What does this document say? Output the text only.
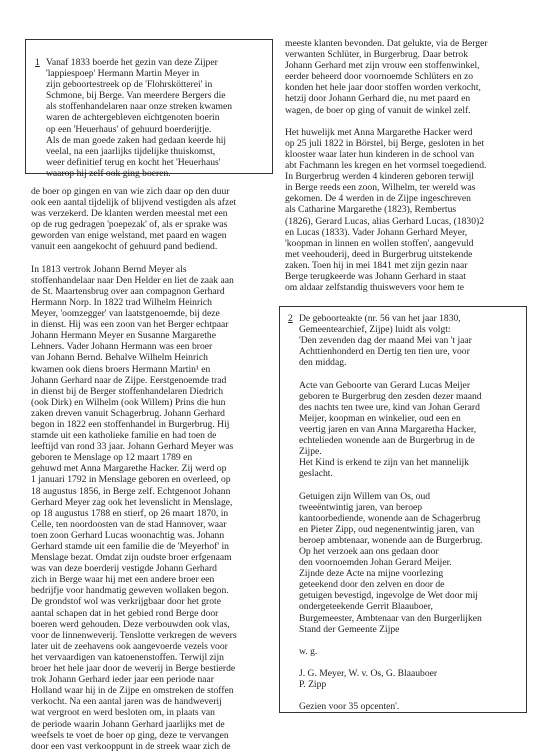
1 Vanaf 1833 boerde het gezin van deze Zijper
'lappiespoep' Hermann Martin Meyer in
zijn geboortestreek op de 'Flohrskötterei' in
Schmone, bij Berge. Van meerdere Bergers die
als stoffenhandelaren naar onze streken kwamen
waren de achtergebleven eïchtgenoten boerin
op een 'Heuerhaus' of gehuurd boerderijtje.
Als de man goede zaken had gedaan keerde hij
veelal, na een jaarlijks tijdelijke thuiskomst,
weer definitief terug en kocht het 'Heuerhaus'
waarop hij zelf ook ging boeren.
de boer op gingen en van wie zich daar op den duur
ook een aantal tijdelijk of blijvend vestigden als afzet
was verzekerd. De klanten werden meestal met een
op de rug gedragen 'poepezak' of, als er sprake was
geworden van enige welstand, met paard en wagen
vanuit een aangekocht of gehuurd pand bediend.
In 1813 vertrok Johann Bernd Meyer als
stoffenhandelaar naar Den Helder en liet de zaak aan
de St. Maartensbrug over aan compagnon Gerhard
Hermann Norp. In 1822 trad Wilhelm Heinrich
Meyer, 'oomzegger' van laatstgenoemde, bij deze
in dienst. Hij was een zoon van het Berger echtpaar
Johann Hermann Meyer en Susanne Margarethe
Lehners. Vader Johann Hermann was een broer
van Johann Bernd. Behalve Wilhelm Heinrich
kwamen ook diens broers Hermann Martin¹ en
Johann Gerhard naar de Zijpe. Eerstgenoemde trad
in dienst bij de Berger stoffenhandelaren Diedrich
(ook Dirk) en Wilhelm (ook Willem) Prins die hun
zaken dreven vanuit Schagerbrug. Johann Gerhard
begon in 1822 een stoffenhandel in Burgerbrug. Hij
stamde uit een katholieke familie en had toen de
leeftijd van rond 33 jaar. Johann Gerhard Meyer was
geboren te Menslage op 12 maart 1789 en
gehuwd met Anna Margarethe Hacker. Zij werd op
1 januari 1792 in Menslage geboren en overleed, op
18 augustus 1856, in Berge zelf. Echtgenoot Johann
Gerhard Meyer zag ook het levenslicht in Menslage,
op 18 augustus 1788 en stierf, op 26 maart 1870, in
Celle, ten noordoosten van de stad Hannover, waar
toen zoon Gerhard Lucas woonachtig was. Johann
Gerhard stamde uit een familie die de 'Meyerhof' in
Menslage bezat. Omdat zijn oudste broer erfgenaam
was van deze boerderij vestigde Johann Gerhard
zich in Berge waar hij met een andere broer een
bedrijfje voor handmatig geweven wollaken begon.
De grondstof wol was verkrijgbaar door het grote
aantal schapen dat in het gebied rond Berge door
boeren werd gehouden. Deze verbouwden ook vlas,
voor de linnenweverij. Tenslotte verkregen de wevers
later uit de zeehavens ook aangevoerde vezels voor
het vervaardigen van katoenenstoffen. Terwijl zijn
broer het hele jaar door de weverij in Berge bestierde
trok Johann Gerhard ieder jaar een periode naar
Holland waar hij in de Zijpe en omstreken de stoffen
verkocht. Na een aantal jaren was de handweverij
wat vergroot en werd besloten om, in plaats van
de periode waarin Johann Gerhard jaarlijks met de
weefsels te voet de boer op ging, deze te vervangen
door een vast verkooppunt in de streek waar zich de
meeste klanten bevonden. Dat gelukte, via de Berger
verwanten Schlüter, in Burgerbrug. Daar betrok
Johann Gerhard met zijn vrouw een stoffenwinkel,
eerder beheerd door voornoemde Schlüters en zo
konden het hele jaar door stoffen worden verkocht,
hetzij door Johann Gerhard die, nu met paard en
wagen, de boer op ging of vanuit de winkel zelf.
Het huwelijk met Anna Margarethe Hacker werd
op 25 juli 1822 in Börstel, bij Berge, gesloten in het
klooster waar later hun kinderen in de school van
abt Fachmann les kregen en het vormsel toegediend.
In Burgerbrug werden 4 kinderen geboren terwijl
in Berge reeds een zoon, Wilhelm, ter wereld was
gekomen. De 4 werden in de Zijpe ingeschreven
als Catharine Margarethe (1823), Rembertus
(1826), Gerard Lucas, alias Gerhard Lucas, (1830)2
en Lucas (1833). Vader Johann Gerhard Meyer,
'koopman in linnen en wollen stoffen', aangevuld
met veehouderij, deed in Burgerbrug uitstekende
zaken. Toen hij in mei 1841 met zijn gezin naar
Berge terugkeerde was Johann Gerhard in staat
om aldaar zelfstandig thuiswevers voor hem te
2 De geboorteakte (nr. 56 van het jaar 1830,
Gemeentearchief, Zijpe) luidt als volgt:
'Den zevenden dag der maand Mei van 't jaar
Achttienhonderd en Dertig ten tien ure, voor
den middag.
Acte van Geboorte van Gerard Lucas Meijer
geboren te Burgerbrug den zesden dezer maand
des nachts ten twee ure, kind van Johan Gerard
Meijer, koopman en winkelier, oud een en
veertig jaren en van Anna Margaretha Hacker,
echtelieden wonende aan de Burgerbrug in de
Zijpe.
Het Kind is erkend te zijn van het mannelijk
geslacht.
Getuigen zijn Willem van Os, oud
tweeëntwintig jaren, van beroep
kantoorbediende, wonende aan de Schagerbrug
en Pieter Zipp, oud negenentwintig jaren, van
beroep ambtenaar, wonende aan de Burgerbrug.
Op het verzoek aan ons gedaan door
den voornoemden Johan Gerard Meijer.
Zijnde deze Acte na mijne voorlezing
geteekend door den zelven en door de
getuigen bevestigd, ingevolge de Wet door mij
ondergeteekende Gerrit Blaauboer,
Burgemeester, Ambtenaar van den Burgerlijken
Stand der Gemeente Zijpe
w. g.
J. G. Meyer, W. v. Os, G. Blaauboer
P. Zipp
Gezien voor 35 opcenten'.
